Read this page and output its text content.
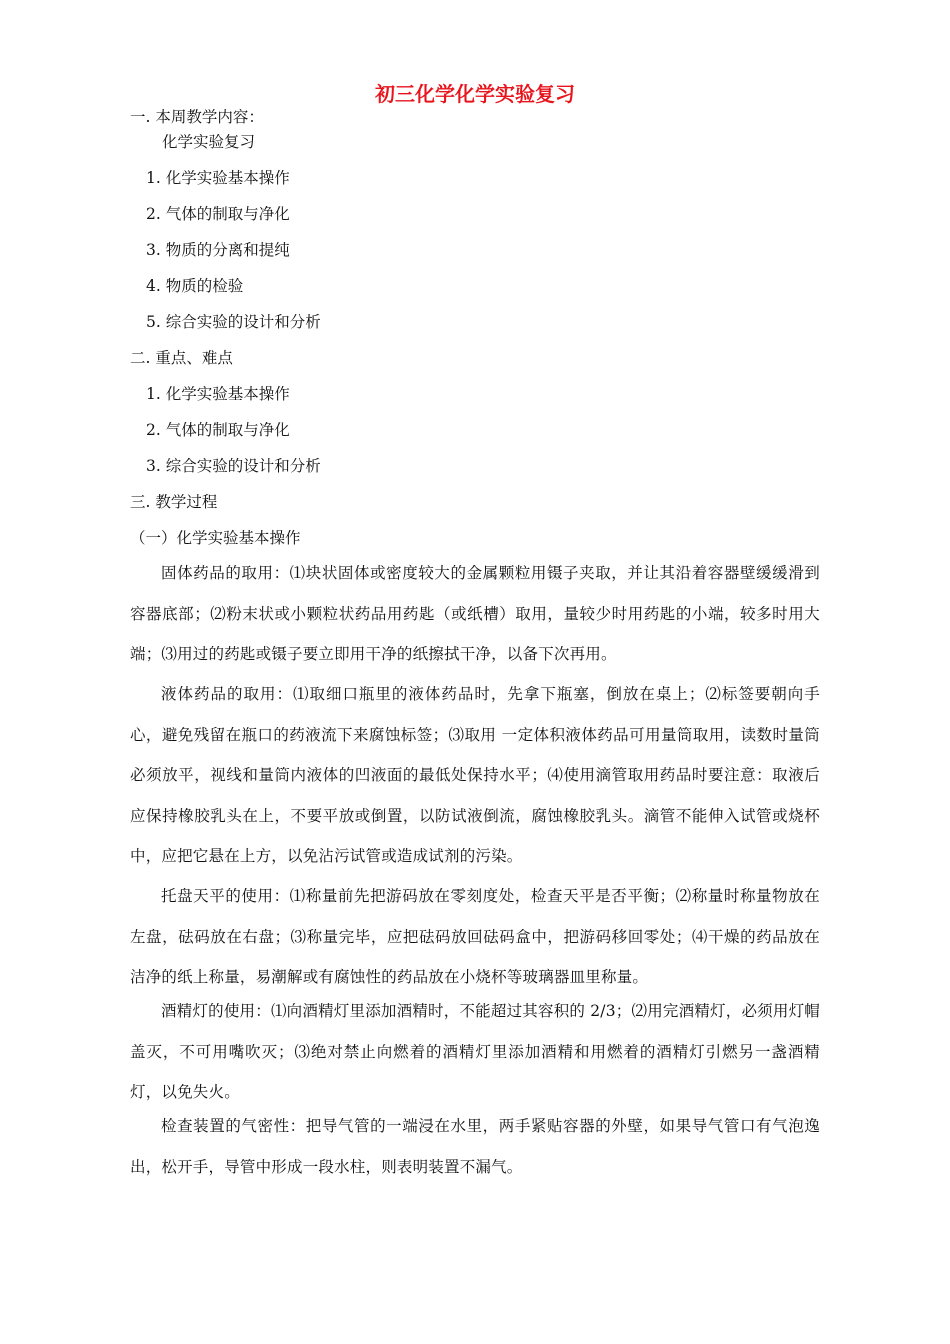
初三化学化学实验复习

一. 本周教学内容：

化学实验复习

1. 化学实验基本操作

2. 气体的制取与净化

3. 物质的分离和提纯

4. 物质的检验

5. 综合实验的设计和分析

二. 重点、难点

1. 化学实验基本操作

2. 气体的制取与净化

3. 综合实验的设计和分析

三. 教学过程

（一）化学实验基本操作

固体药品的取用：⑴块状固体或密度较大的金属颗粒用镊子夹取，并让其沿着容器壁缓缓滑到容器底部；⑵粉末状或小颗粒状药品用药匙（或纸槽）取用，量较少时用药匙的小端，较多时用大端；⑶用过的药匙或镊子要立即用干净的纸擦拭干净，以备下次再用。

液体药品的取用：⑴取细口瓶里的液体药品时，先拿下瓶塞，倒放在桌上；⑵标签要朝向手心，避免残留在瓶口的药液流下来腐蚀标签；⑶取用 一定体积液体药品可用量筒取用，读数时量筒必须放平，视线和量筒内液体的凹液面的最低处保持水平；⑷使用滴管取用药品时要注意：取液后应保持橡胶乳头在上，不要平放或倒置，以防试液倒流，腐蚀橡胶乳头。滴管不能伸入试管或烧杯中，应把它悬在上方，以免沾污试管或造成试剂的污染。

托盘天平的使用：⑴称量前先把游码放在零刻度处，检查天平是否平衡；⑵称量时称量物放在左盘，砝码放在右盘；⑶称量完毕，应把砝码放回砝码盒中，把游码移回零处；⑷干燥的药品放在洁净的纸上称量，易潮解或有腐蚀性的药品放在小烧杯等玻璃器皿里称量。

酒精灯的使用：⑴向酒精灯里添加酒精时，不能超过其容积的 2/3；⑵用完酒精灯，必须用灯帽盖灭，不可用嘴吹灭；⑶绝对禁止向燃着的酒精灯里添加酒精和用燃着的酒精灯引燃另一盏酒精灯，以免失火。

检查装置的气密性：把导气管的一端浸在水里，两手紧贴容器的外壁，如果导气管口有气泡逸出，松开手，导管中形成一段水柱，则表明装置不漏气。
